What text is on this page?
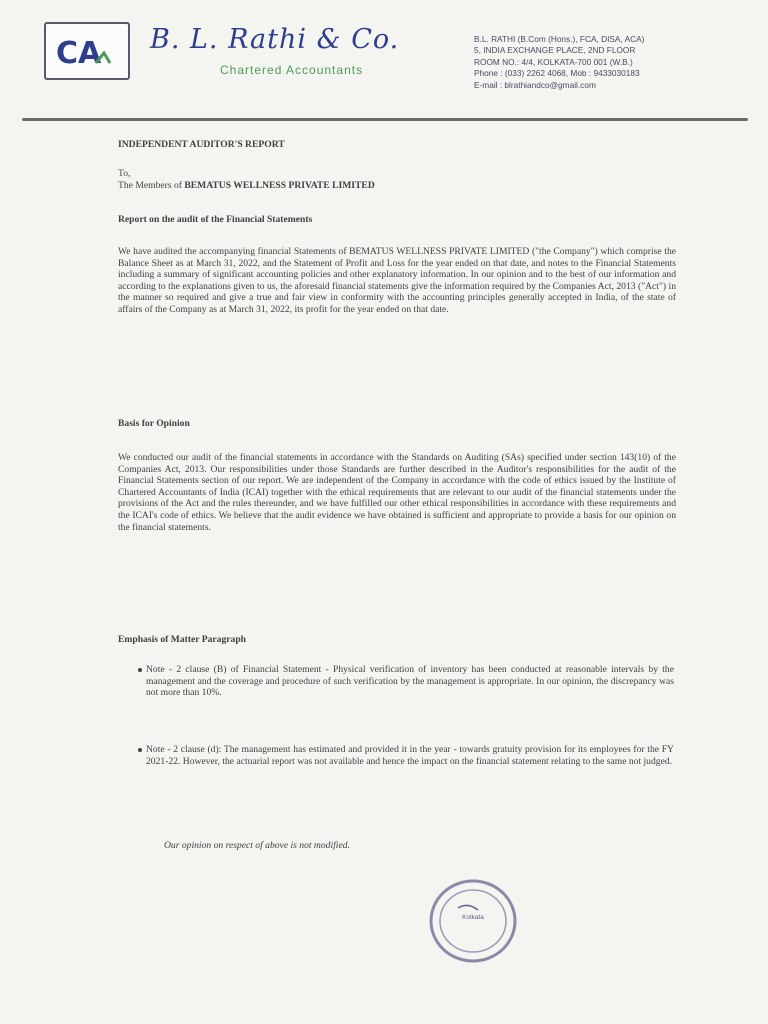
CA B. L. Rathi & Co.
Chartered Accountants
B.L. RATHI (B.Com (Hons.), FCA, DISA, ACA)
5, INDIA EXCHANGE PLACE, 2ND FLOOR
ROOM NO.: 4/4, KOLKATA-700 001 (W.B.)
Phone : (033) 2262 4068, Mob : 9433030183
E-mail : blrathiandco@gmail.com
INDEPENDENT AUDITOR'S REPORT
To,
The Members of BEMATUS WELLNESS PRIVATE LIMITED
Report on the audit of the Financial Statements
We have audited the accompanying financial Statements of BEMATUS WELLNESS PRIVATE LIMITED ("the Company") which comprise the Balance Sheet as at March 31, 2022, and the Statement of Profit and Loss for the year ended on that date, and notes to the Financial Statements including a summary of significant accounting policies and other explanatory information. In our opinion and to the best of our information and according to the explanations given to us, the aforesaid financial statements give the information required by the Companies Act, 2013 ("Act") in the manner so required and give a true and fair view in conformity with the accounting principles generally accepted in India, of the state of affairs of the Company as at March 31, 2022, its profit for the year ended on that date.
Basis for Opinion
We conducted our audit of the financial statements in accordance with the Standards on Auditing (SAs) specified under section 143(10) of the Companies Act, 2013. Our responsibilities under those Standards are further described in the Auditor's responsibilities for the audit of the Financial Statements section of our report. We are independent of the Company in accordance with the code of ethics issued by the Institute of Chartered Accountants of India (ICAI) together with the ethical requirements that are relevant to our audit of the financial statements under the provisions of the Act and the rules thereunder, and we have fulfilled our other ethical responsibilities in accordance with these requirements and the ICAI's code of ethics. We believe that the audit evidence we have obtained is sufficient and appropriate to provide a basis for our opinion on the financial statements.
Emphasis of Matter Paragraph
Note - 2 clause (B) of Financial Statement - Physical verification of inventory has been conducted at reasonable intervals by the management and the coverage and procedure of such verification by the management is appropriate. In our opinion, the discrepancy was not more than 10%.
Note - 2 clause (d): The management has estimated and provided it in the year - towards gratuity provision for its employees for the FY 2021-22. However, the actuarial report was not available and hence the impact on the financial statement relating to the same not judged.
Our opinion on respect of above is not modified.
Kolkata
